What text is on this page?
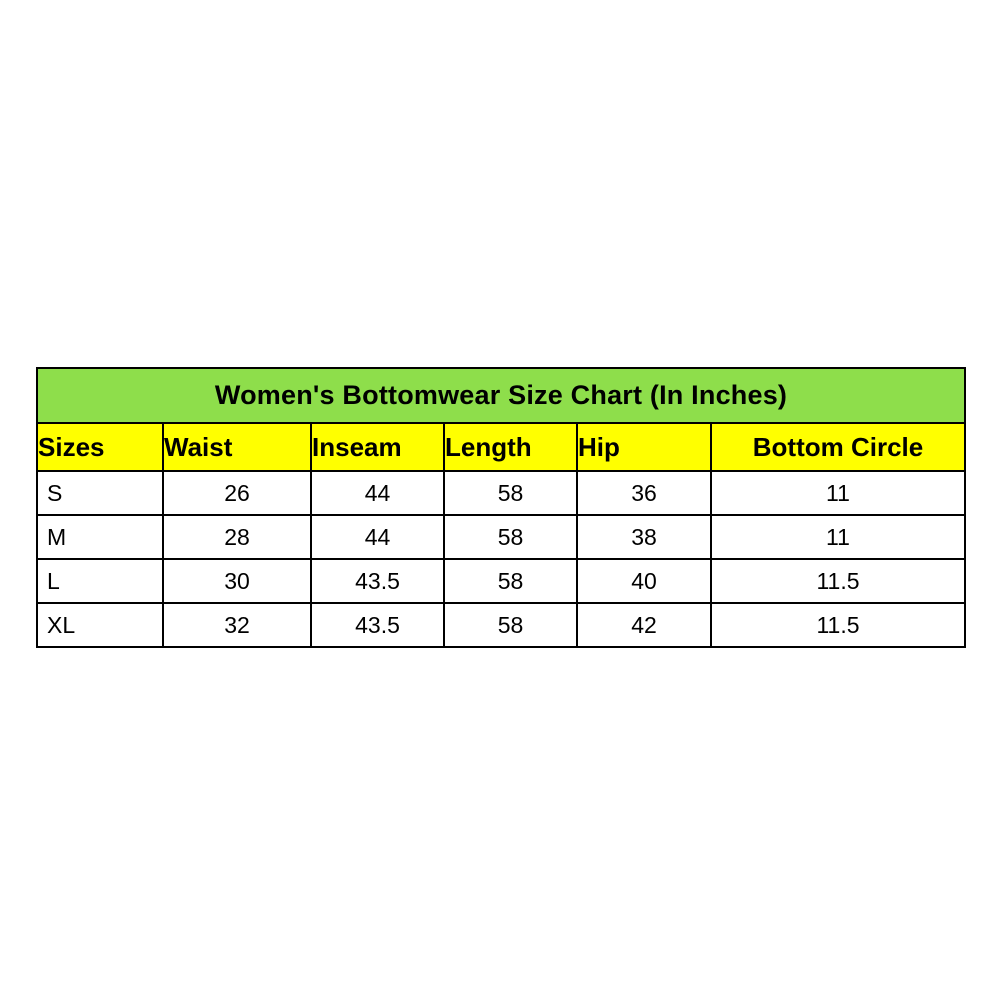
Women's Bottomwear Size Chart (In Inches)					
Sizes	Waist	Inseam	Length	Hip	Bottom Circle
S	26	44	58	36	11
M	28	44	58	38	11
L	30	43.5	58	40	11.5
XL	32	43.5	58	42	11.5
